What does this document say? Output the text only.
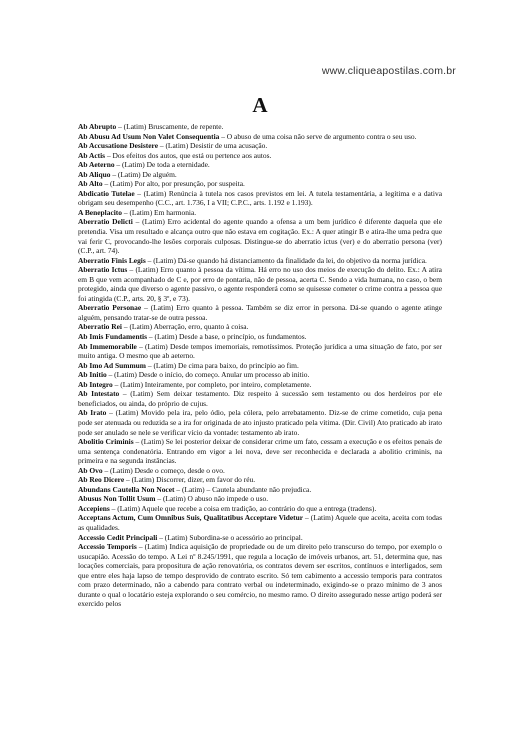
www.cliqueapostilas.com.br
A

Ab Abrupto – (Latim) Bruscamente, de repente.

Ab Abusu Ad Usum Non Valet Consequentia – O abuso de uma coisa não serve de argumento contra o seu uso.

Ab Accusatione Desistere – (Latim) Desistir de uma acusação.

Ab Actis – Dos efeitos dos autos, que está ou pertence aos autos.

Ab Aeterno – (Latim) De toda a eternidade.

Ab Aliquo – (Latim) De alguém.

Ab Alto – (Latim) Por alto, por presunção, por suspeita.

Abdicatio Tutelae – (Latim) Renúncia à tutela nos casos previstos em lei. A tutela testamentária, a legítima e a dativa obrigam seu desempenho (C.C., art. 1.736, I a VII; C.P.C., arts. 1.192 e 1.193).

A Beneplacito – (Latim) Em harmonia.

Aberratio Delicti – (Latim) Erro acidental do agente quando a ofensa a um bem jurídico é diferente daquela que ele pretendia. Visa um resultado e alcança outro que não estava em cogitação. Ex.: A quer atingir B e atira-lhe uma pedra que vai ferir C, provocando-lhe lesões corporais culposas. Distingue-se do aberratio ictus (ver) e do aberratio persona (ver) (C.P., art. 74).

Aberratio Finis Legis – (Latim) Dá-se quando há distanciamento da finalidade da lei, do objetivo da norma jurídica.

Aberratio Ictus – (Latim) Erro quanto à pessoa da vítima. Há erro no uso dos meios de execução do delito. Ex.: A atira em B que vem acompanhado de C e, por erro de pontaria, não de pessoa, acerta C. Sendo a vida humana, no caso, o bem protegido, ainda que diverso o agente passivo, o agente responderá como se quisesse cometer o crime contra a pessoa que foi atingida (C.P., arts. 20, § 3º, e 73).

Aberratio Personae – (Latim) Erro quanto à pessoa. Também se diz error in persona. Dá-se quando o agente atinge alguém, pensando tratar-se de outra pessoa.

Aberratio Rei – (Latim) Aberração, erro, quanto à coisa.

Ab Imis Fundamentis – (Latim) Desde a base, o princípio, os fundamentos.

Ab Immemorabile – (Latim) Desde tempos imemoriais, remotíssimos. Proteção jurídica a uma situação de fato, por ser muito antiga. O mesmo que ab aeterno.

Ab Imo Ad Summum – (Latim) De cima para baixo, do princípio ao fim.

Ab Initio – (Latim) Desde o início, do começo. Anular um processo ab initio.

Ab Integro – (Latim) Inteiramente, por completo, por inteiro, completamente.

Ab Intestato – (Latim) Sem deixar testamento. Diz respeito à sucessão sem testamento ou dos herdeiros por ele beneficiados, ou ainda, do próprio de cujus.

Ab Irato – (Latim) Movido pela ira, pelo ódio, pela cólera, pelo arrebatamento. Diz-se de crime cometido, cuja pena pode ser atenuada ou reduzida se a ira for originada de ato injusto praticado pela vítima. (Dir. Civil) Ato praticado ab irato pode ser anulado se nele se verificar vício da vontade: testamento ab irato.

Abolitio Criminis – (Latim) Se lei posterior deixar de considerar crime um fato, cessam a execução e os efeitos penais de uma sentença condenatória. Entrando em vigor a lei nova, deve ser reconhecida e declarada a abolitio criminis, na primeira e na segunda instâncias.

Ab Ovo – (Latim) Desde o começo, desde o ovo.

Ab Reo Dicere – (Latim) Discorrer, dizer, em favor do réu.

Abundans Cautella Non Nocet – (Latim) – Cautela abundante não prejudica.

Abusus Non Tollit Usum – (Latim) O abuso não impede o uso.

Accepiens – (Latim) Aquele que recebe a coisa em tradição, ao contrário do que a entrega (tradens).

Acceptans Actum, Cum Omnibus Suis, Qualitatibus Acceptare Videtur – (Latim) Aquele que aceita, aceita com todas as qualidades.

Accessio Cedit Principali – (Latim) Subordina-se o acessório ao principal.

Accessio Temporis – (Latim) Indica aquisição de propriedade ou de um direito pelo transcurso do tempo, por exemplo o usucapião. Acessão do tempo. A Lei nº 8.245/1991, que regula a locação de imóveis urbanos, art. 51, determina que, nas locações comerciais, para propositura de ação renovatória, os contratos devem ser escritos, contínuos e interligados, sem que entre eles haja lapso de tempo desprovido de contrato escrito. Só tem cabimento a accessio temporis para contratos com prazo determinado, não a cabendo para contrato verbal ou indeterminado, exigindo-se o prazo mínimo de 3 anos durante o qual o locatário esteja explorando o seu comércio, no mesmo ramo. O direito assegurado nesse artigo poderá ser exercido pelos
